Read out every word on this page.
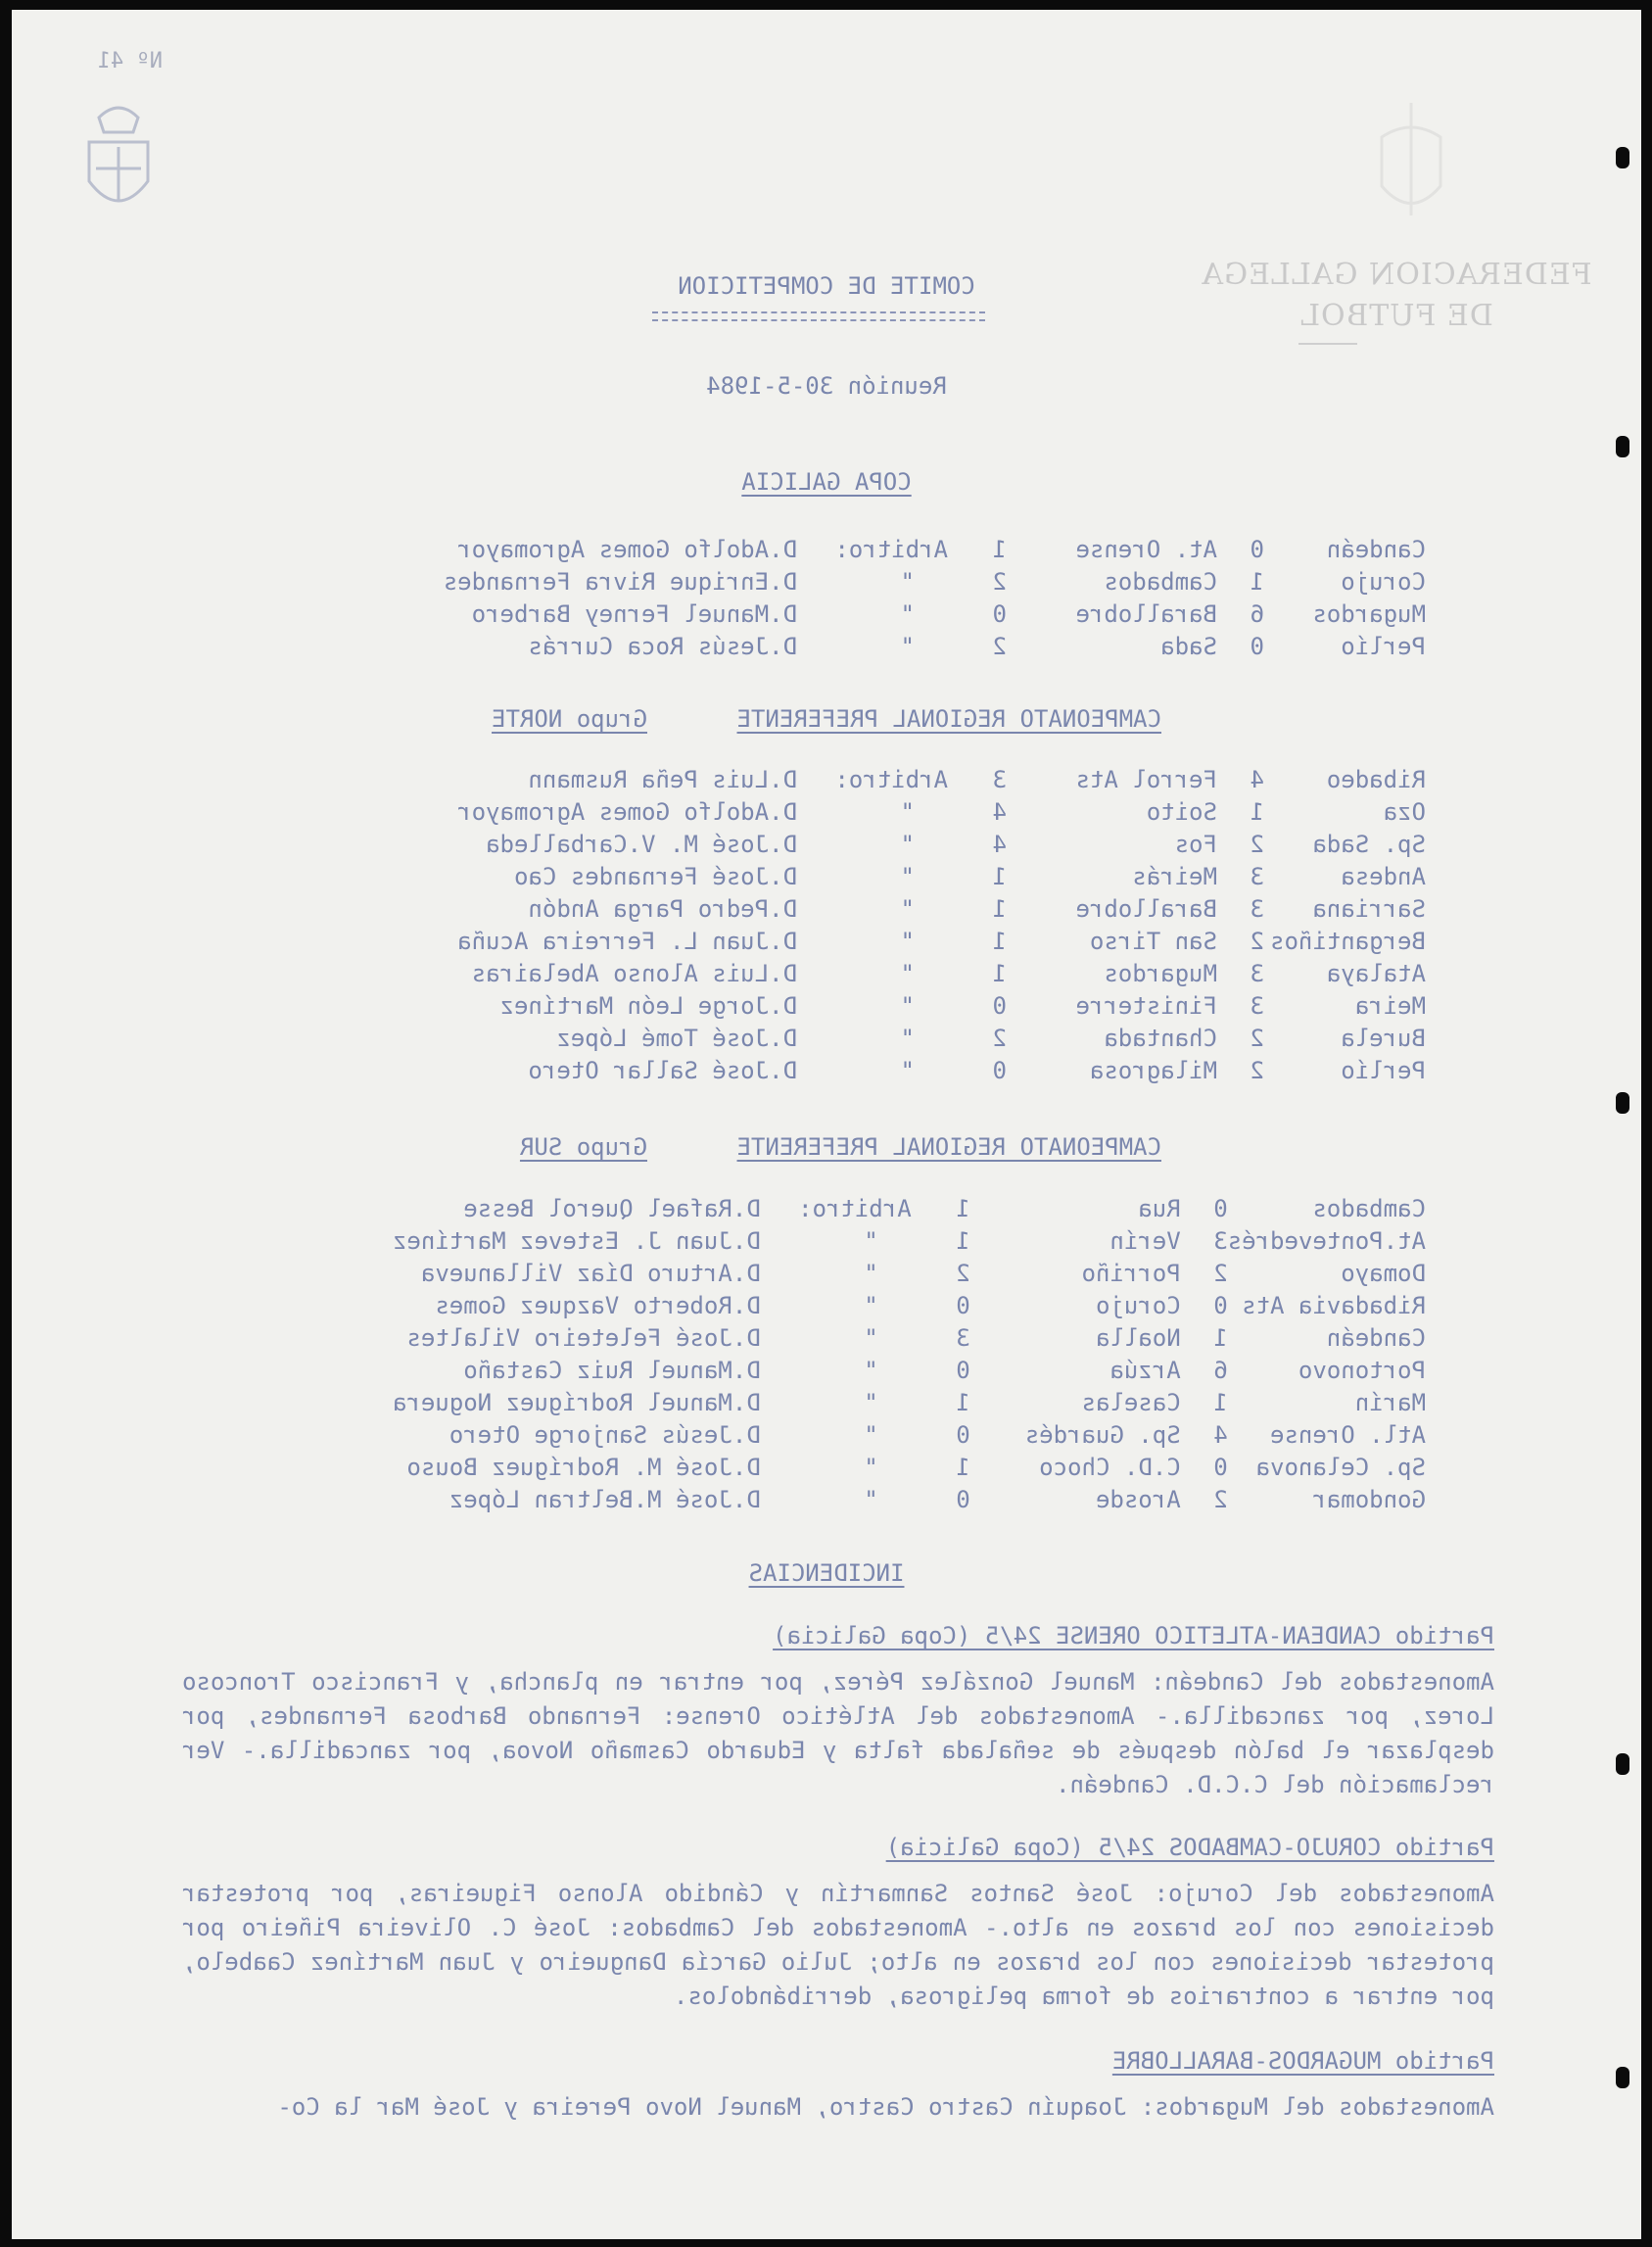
Nº 41
FEDERACION GALLEGA
DE FUTBOL
COMITE DE COMPETICION
Reunión 30-5-1984
COPA GALICIA
Candeán	0	At. Orense	1	Arbitro:	D.Adolfo Gomes Agromayor
Corujo	1	Cambados	2	"	D.Enrique Rivra Fernandes
Mugardos	6	Barallobre	0	"	D.Manuel Ferney Barbero
Perlío	0	Sada	2	"	D.Jesús Roca Currás
CAMPEONATO REGIONAL PREFERENTE
Grupo NORTE
Ribadeo	4	Ferrol Ats	3	Arbitro:	D.Luis Peña Rusmann
Oza	1	Soito	4	"	D.Adolfo Gomes Agromayor
Sp. Sada	2	Fos	4	"	D.José M. V.Carballeda
Andesa	3	Meirás	1	"	D.José Fernandes Cao
Sarriana	3	Barallobre	1	"	D.Pedro Parga Andón
Bergantiños	2	San Tirso	1	"	D.Juan L. Ferreira Acuña
Atalaya	3	Mugardos	1	"	D.Luis Alonso Abelairas
Meira	3	Finisterre	0	"	D.Jorge León Martínez
Burela	2	Chantada	2	"	D.José Tomé López
Perlío	2	Milagrosa	0	"	D.José Sallar Otero
CAMPEONATO REGIONAL PREFERENTE
Grupo SUR
Cambados	0	Rua	1	Arbitro:	D.Rafael Querol Besse
At.Pontevedrés	3	Verín	1	"	D.Juan J. Estevez Martínez
Domayo	2	Porriño	2	"	D.Arturo Díaz Villanueva
Ribadavia Ats	0	Corujo	0	"	D.Roberto Vazquez Gomes
Candeán	1	Noalla	3	"	D.José Feleteiro Vilaltes
Portonovo	6	Arzúa	0	"	D.Manuel Ruiz Castaño
Marín	1	Caselas	1	"	D.Manuel Rodríguez Noguera
Atl. Orense	4	Sp. Guardés	0	"	D.Jesús Sanjorge Otero
Sp. Celanova	0	C.D. Choco	1	"	D.José M. Rodríguez Bouso
Gondomar	2	Arosde	0	"	D.José M.Beltran López
INCIDENCIAS
Partido CANDEAN-ATLETICO ORENSE 24/5 (Copa Galicia)
Amonestados del Candeán: Manuel González Pérez, por entrar en plancha, y Francisco Troncoso Lorez, por zancadilla.- Amonestados del Atlético Orense: Fernando Barbosa Fernandes, por desplazar el balón después de señalada falta y Eduardo Casmaño Novoa, por zancadilla.- Ver reclamación del C.C.D. Candeán.
Partido CORUJO-CAMBADOS 24/5 (Copa Galicia)
Amonestados del Corujo: José Santos Sanmartín y Cándido Alonso Figueiras, por protestar decisiones con los brazos en alto.- Amonestados del Cambados: José C. Oliveira Piñeiro por protestar decisiones con los brazos en alto; Julio García Dangueiro y Juan Martínez Caabelo, por entrar a contrarios de forma peligrosa, derribándolos.
Partido MUGARDOS-BARALLOBRE
Amonestados del Mugardos: Joaquín Castro Castro, Manuel Novo Pereira y José Mar la Co-
